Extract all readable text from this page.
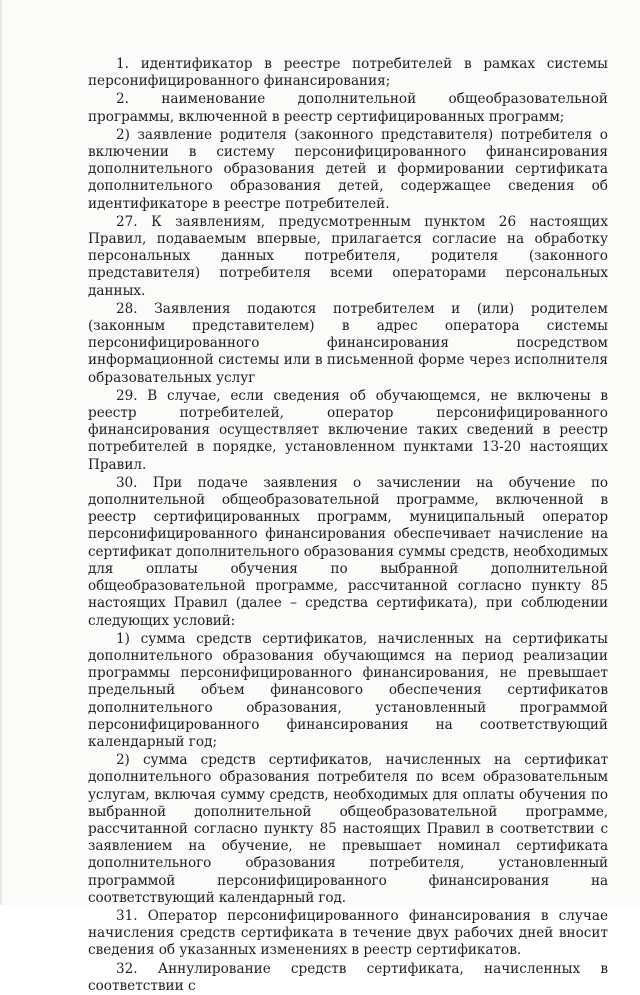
1. идентификатор в реестре потребителей в рамках системы персонифицированного финансирования;

2. наименование дополнительной общеобразовательной программы, включенной в реестр сертифицированных программ;

2) заявление родителя (законного представителя) потребителя о включении в систему персонифицированного финансирования дополнительного образования детей и формировании сертификата дополнительного образования детей, содержащее сведения об идентификаторе в реестре потребителей.

27. К заявлениям, предусмотренным пунктом 26 настоящих Правил, подаваемым впервые, прилагается согласие на обработку персональных данных потребителя, родителя (законного представителя) потребителя всеми операторами персональных данных.

28. Заявления подаются потребителем и (или) родителем (законным представителем) в адрес оператора системы персонифицированного финансирования посредством информационной системы или в письменной форме через исполнителя образовательных услуг

29. В случае, если сведения об обучающемся, не включены в реестр потребителей, оператор персонифицированного финансирования осуществляет включение таких сведений в реестр потребителей в порядке, установленном пунктами 13-20 настоящих Правил.

30. При подаче заявления о зачислении на обучение по дополнительной общеобразовательной программе, включенной в реестр сертифицированных программ, муниципальный оператор персонифицированного финансирования обеспечивает начисление на сертификат дополнительного образования суммы средств, необходимых для оплаты обучения по выбранной дополнительной общеобразовательной программе, рассчитанной согласно пункту 85 настоящих Правил (далее – средства сертификата), при соблюдении следующих условий:

1) сумма средств сертификатов, начисленных на сертификаты дополнительного образования обучающимся на период реализации программы персонифицированного финансирования, не превышает предельный объем финансового обеспечения сертификатов дополнительного образования, установленный программой персонифицированного финансирования на соответствующий календарный год;

2) сумма средств сертификатов, начисленных на сертификат дополнительного образования потребителя по всем образовательным услугам, включая сумму средств, необходимых для оплаты обучения по выбранной дополнительной общеобразовательной программе, рассчитанной согласно пункту 85 настоящих Правил в соответствии с заявлением на обучение, не превышает номинал сертификата дополнительного образования потребителя, установленный программой персонифицированного финансирования на соответствующий календарный год.

31. Оператор персонифицированного финансирования в случае начисления средств сертификата в течение двух рабочих дней вносит сведения об указанных изменениях в реестр сертификатов.

32. Аннулирование средств сертификата, начисленных в соответствии с
